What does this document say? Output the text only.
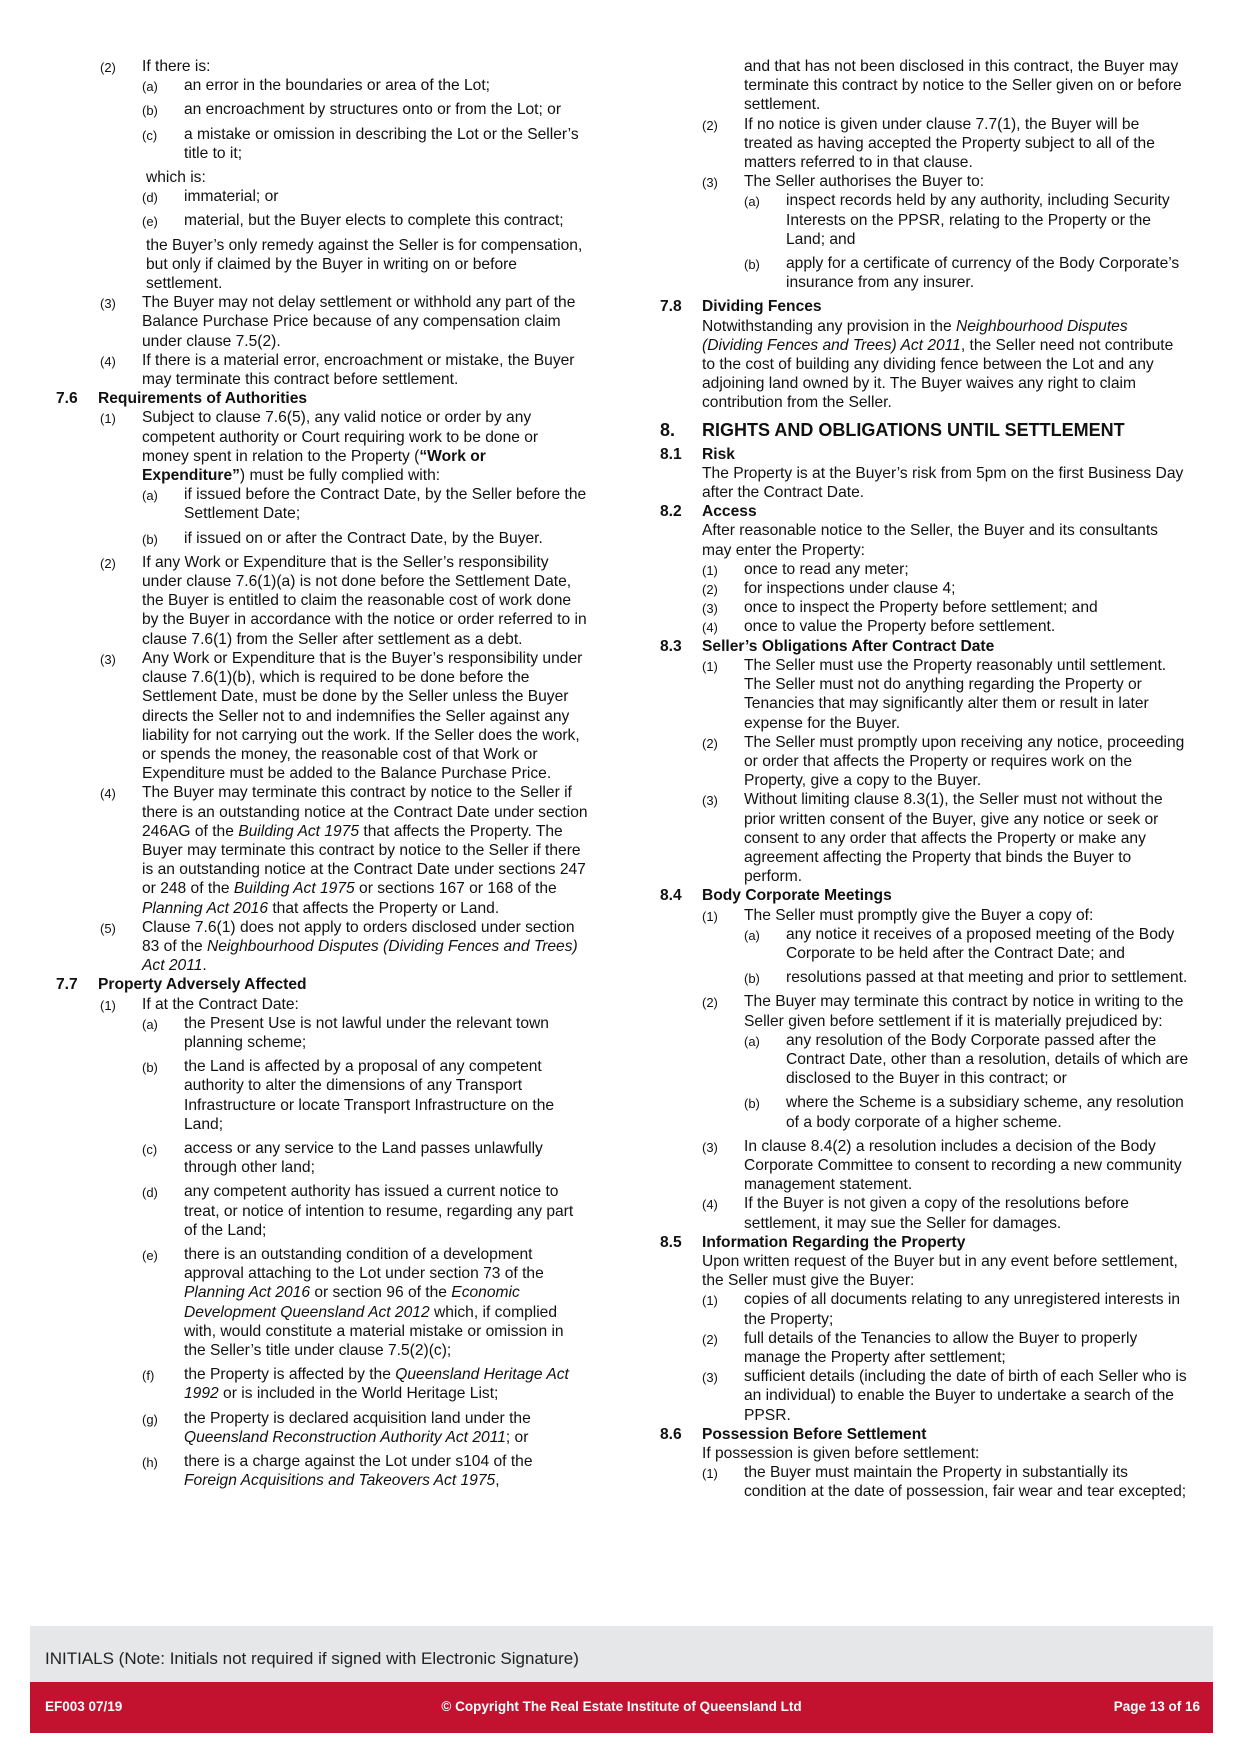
(2) If there is:
(a) an error in the boundaries or area of the Lot;
(b) an encroachment by structures onto or from the Lot; or
(c) a mistake or omission in describing the Lot or the Seller’s title to it;
which is:
(d) immaterial; or
(e) material, but the Buyer elects to complete this contract;
the Buyer’s only remedy against the Seller is for compensation, but only if claimed by the Buyer in writing on or before settlement.
(3) The Buyer may not delay settlement or withhold any part of the Balance Purchase Price because of any compensation claim under clause 7.5(2).
(4) If there is a material error, encroachment or mistake, the Buyer may terminate this contract before settlement.
7.6 Requirements of Authorities
(1) Subject to clause 7.6(5), any valid notice or order by any competent authority or Court requiring work to be done or money spent in relation to the Property (“Work or Expenditure”) must be fully complied with:
(a) if issued before the Contract Date, by the Seller before the Settlement Date;
(b) if issued on or after the Contract Date, by the Buyer.
(2) If any Work or Expenditure that is the Seller’s responsibility under clause 7.6(1)(a) is not done before the Settlement Date, the Buyer is entitled to claim the reasonable cost of work done by the Buyer in accordance with the notice or order referred to in clause 7.6(1) from the Seller after settlement as a debt.
(3) Any Work or Expenditure that is the Buyer’s responsibility under clause 7.6(1)(b), which is required to be done before the Settlement Date, must be done by the Seller unless the Buyer directs the Seller not to and indemnifies the Seller against any liability for not carrying out the work. If the Seller does the work, or spends the money, the reasonable cost of that Work or Expenditure must be added to the Balance Purchase Price.
(4) The Buyer may terminate this contract by notice to the Seller if there is an outstanding notice at the Contract Date under section 246AG of the Building Act 1975 that affects the Property. The Buyer may terminate this contract by notice to the Seller if there is an outstanding notice at the Contract Date under sections 247 or 248 of the Building Act 1975 or sections 167 or 168 of the Planning Act 2016 that affects the Property or Land.
(5) Clause 7.6(1) does not apply to orders disclosed under section 83 of the Neighbourhood Disputes (Dividing Fences and Trees) Act 2011.
7.7 Property Adversely Affected
(1) If at the Contract Date:
(a) the Present Use is not lawful under the relevant town planning scheme;
(b) the Land is affected by a proposal of any competent authority to alter the dimensions of any Transport Infrastructure or locate Transport Infrastructure on the Land;
(c) access or any service to the Land passes unlawfully through other land;
(d) any competent authority has issued a current notice to treat, or notice of intention to resume, regarding any part of the Land;
(e) there is an outstanding condition of a development approval attaching to the Lot under section 73 of the Planning Act 2016 or section 96 of the Economic Development Queensland Act 2012 which, if complied with, would constitute a material mistake or omission in the Seller’s title under clause 7.5(2)(c);
(f) the Property is affected by the Queensland Heritage Act 1992 or is included in the World Heritage List;
(g) the Property is declared acquisition land under the Queensland Reconstruction Authority Act 2011; or
(h) there is a charge against the Lot under s104 of the Foreign Acquisitions and Takeovers Act 1975,
and that has not been disclosed in this contract, the Buyer may terminate this contract by notice to the Seller given on or before settlement.
(2) If no notice is given under clause 7.7(1), the Buyer will be treated as having accepted the Property subject to all of the matters referred to in that clause.
(3) The Seller authorises the Buyer to:
(a) inspect records held by any authority, including Security Interests on the PPSR, relating to the Property or the Land; and
(b) apply for a certificate of currency of the Body Corporate’s insurance from any insurer.
7.8 Dividing Fences
Notwithstanding any provision in the Neighbourhood Disputes (Dividing Fences and Trees) Act 2011, the Seller need not contribute to the cost of building any dividing fence between the Lot and any adjoining land owned by it. The Buyer waives any right to claim contribution from the Seller.
8. RIGHTS AND OBLIGATIONS UNTIL SETTLEMENT
8.1 Risk
The Property is at the Buyer’s risk from 5pm on the first Business Day after the Contract Date.
8.2 Access
After reasonable notice to the Seller, the Buyer and its consultants may enter the Property:
(1) once to read any meter;
(2) for inspections under clause 4;
(3) once to inspect the Property before settlement; and
(4) once to value the Property before settlement.
8.3 Seller’s Obligations After Contract Date
(1) The Seller must use the Property reasonably until settlement. The Seller must not do anything regarding the Property or Tenancies that may significantly alter them or result in later expense for the Buyer.
(2) The Seller must promptly upon receiving any notice, proceeding or order that affects the Property or requires work on the Property, give a copy to the Buyer.
(3) Without limiting clause 8.3(1), the Seller must not without the prior written consent of the Buyer, give any notice or seek or consent to any order that affects the Property or make any agreement affecting the Property that binds the Buyer to perform.
8.4 Body Corporate Meetings
(1) The Seller must promptly give the Buyer a copy of:
(a) any notice it receives of a proposed meeting of the Body Corporate to be held after the Contract Date; and
(b) resolutions passed at that meeting and prior to settlement.
(2) The Buyer may terminate this contract by notice in writing to the Seller given before settlement if it is materially prejudiced by:
(a) any resolution of the Body Corporate passed after the Contract Date, other than a resolution, details of which are disclosed to the Buyer in this contract; or
(b) where the Scheme is a subsidiary scheme, any resolution of a body corporate of a higher scheme.
(3) In clause 8.4(2) a resolution includes a decision of the Body Corporate Committee to consent to recording a new community management statement.
(4) If the Buyer is not given a copy of the resolutions before settlement, it may sue the Seller for damages.
8.5 Information Regarding the Property
Upon written request of the Buyer but in any event before settlement, the Seller must give the Buyer:
(1) copies of all documents relating to any unregistered interests in the Property;
(2) full details of the Tenancies to allow the Buyer to properly manage the Property after settlement;
(3) sufficient details (including the date of birth of each Seller who is an individual) to enable the Buyer to undertake a search of the PPSR.
8.6 Possession Before Settlement
If possession is given before settlement:
(1) the Buyer must maintain the Property in substantially its condition at the date of possession, fair wear and tear excepted;
INITIALS (Note: Initials not required if signed with Electronic Signature)
© Copyright The Real Estate Institute of Queensland Ltd
EF003 07/19	Page 13 of 16
